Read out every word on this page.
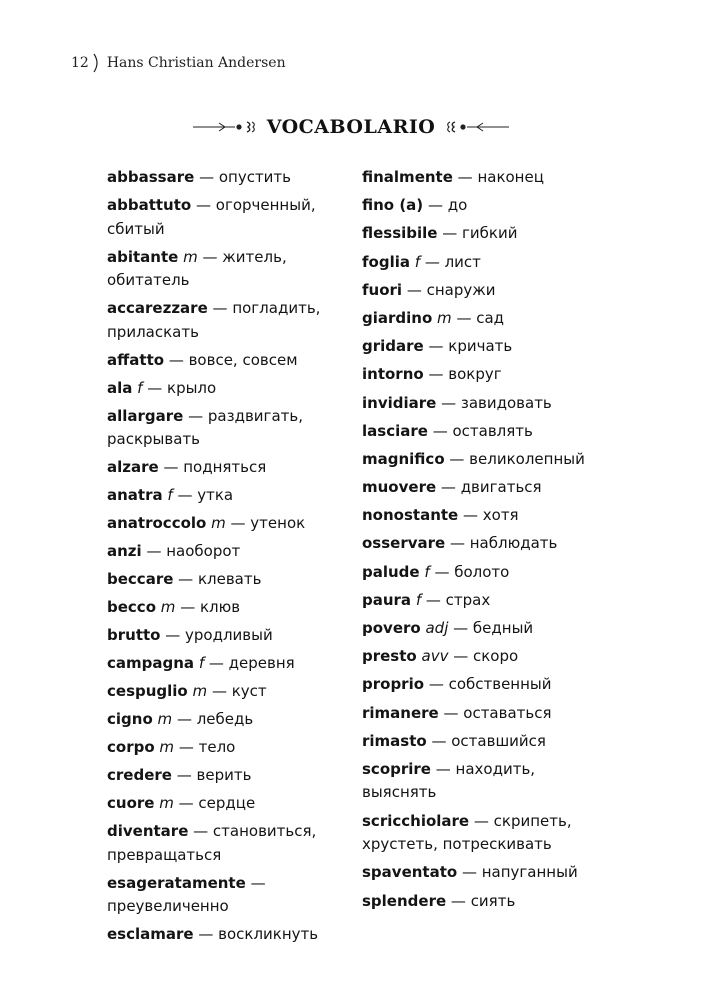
12 Hans Christian Andersen
VOCABOLARIO
abbassare — опустить
abbattuto — огорченный,
сбитый
abitante m — житель,
обитатель
accarezzare — погладить,
приласкать
affatto — вовсе, совсем
ala f — крыло
allargare — раздвигать,
раскрывать
alzare — подняться
anatra f — утка
anatroccolo m — утенок
anzi — наоборот
beccare — клевать
becco m — клюв
brutto — уродливый
campagna f — деревня
cespuglio m — куст
cigno m — лебедь
corpo m — тело
credere — верить
cuore m — сердце
diventare — становиться,
превращаться
esageratamente —
преувеличенно
esclamare — воскликнуть
finalmente — наконец
fino (a) — до
flessibile — гибкий
foglia f — лист
fuori — снаружи
giardino m — сад
gridare — кричать
intorno — вокруг
invidiare — завидовать
lasciare — оставлять
magnifico — великолепный
muovere — двигаться
nonostante — хотя
osservare — наблюдать
palude f — болото
paura f — страх
povero adj — бедный
presto avv — скоро
proprio — собственный
rimanere — оставаться
rimasto — оставшийся
scoprire — находить,
выяснять
scricchiolare — скрипеть,
хрустеть, потрескивать
spaventato — напуганный
splendere — сиять
